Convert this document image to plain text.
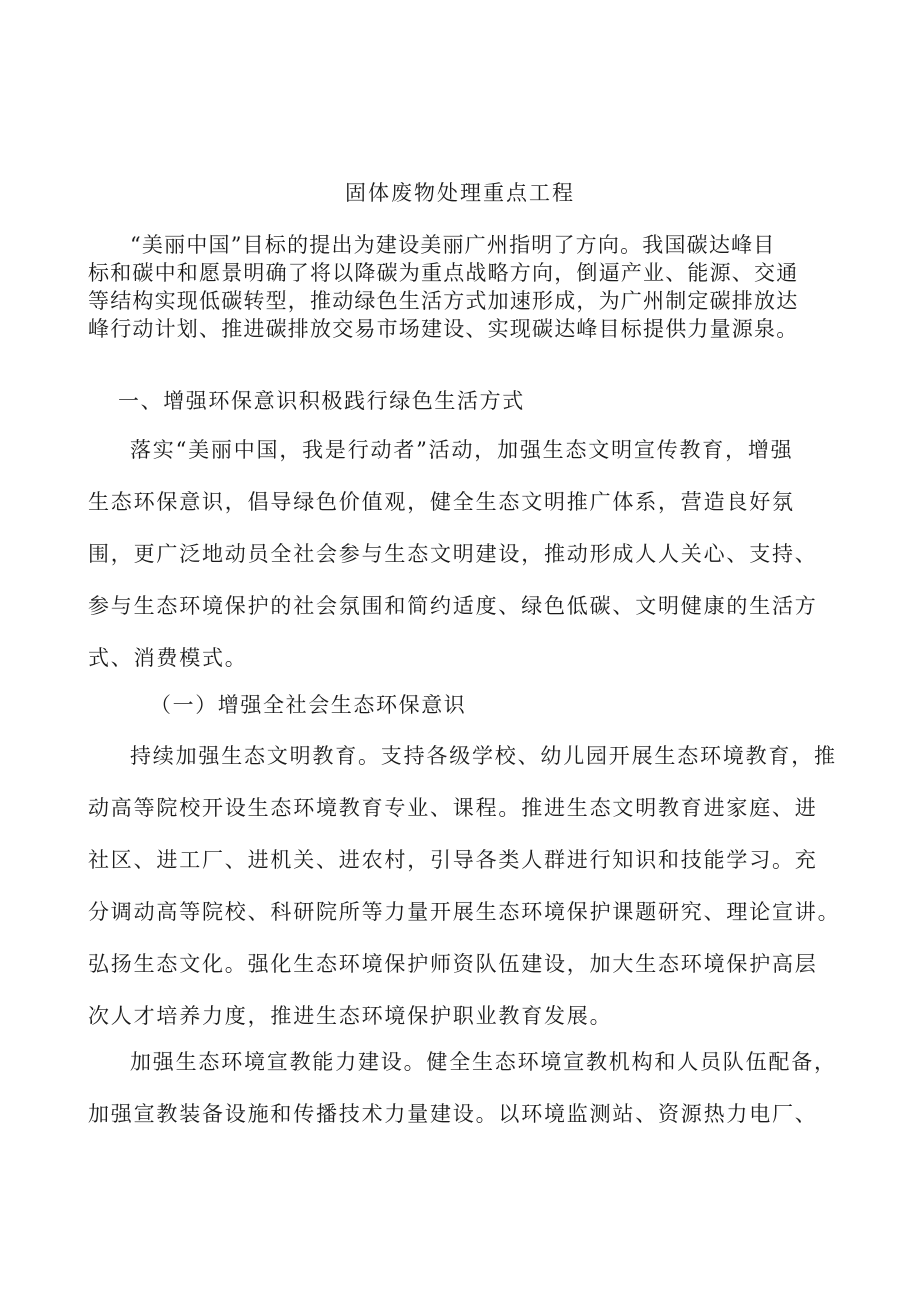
固体废物处理重点工程
“美丽中国”目标的提出为建设美丽广州指明了方向。我国碳达峰目
标和碳中和愿景明确了将以降碳为重点战略方向，倒逼产业、能源、交通
等结构实现低碳转型，推动绿色生活方式加速形成，为广州制定碳排放达
峰行动计划、推进碳排放交易市场建设、实现碳达峰目标提供力量源泉。
一、增强环保意识积极践行绿色生活方式
落实“美丽中国，我是行动者”活动，加强生态文明宣传教育，增强
生态环保意识，倡导绿色价值观，健全生态文明推广体系，营造良好氛
围，更广泛地动员全社会参与生态文明建设，推动形成人人关心、支持、
参与生态环境保护的社会氛围和简约适度、绿色低碳、文明健康的生活方
式、消费模式。
（一）增强全社会生态环保意识
持续加强生态文明教育。支持各级学校、幼儿园开展生态环境教育，推
动高等院校开设生态环境教育专业、课程。推进生态文明教育进家庭、进
社区、进工厂、进机关、进农村，引导各类人群进行知识和技能学习。充
分调动高等院校、科研院所等力量开展生态环境保护课题研究、理论宣讲。
弘扬生态文化。强化生态环境保护师资队伍建设，加大生态环境保护高层
次人才培养力度，推进生态环境保护职业教育发展。
加强生态环境宣教能力建设。健全生态环境宣教机构和人员队伍配备，
加强宣教装备设施和传播技术力量建设。以环境监测站、资源热力电厂、
